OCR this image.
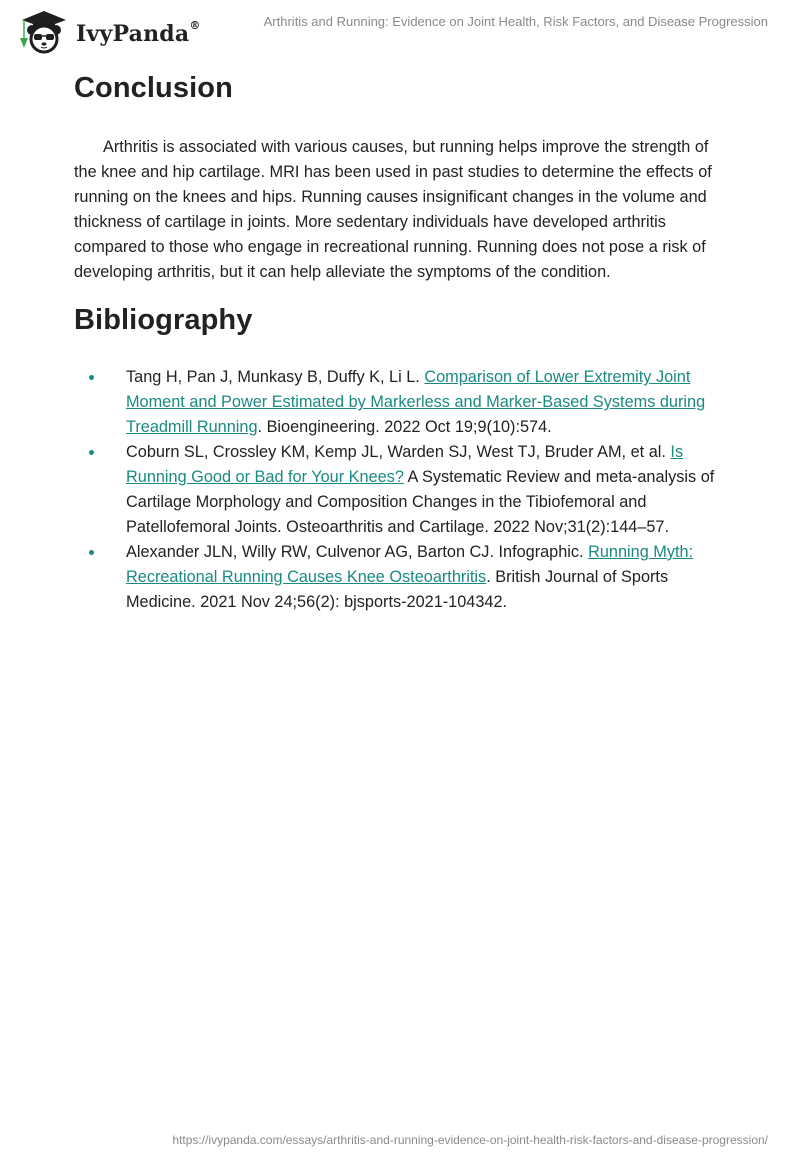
IvyPanda®	Arthritis and Running: Evidence on Joint Health, Risk Factors, and Disease Progression
Conclusion

Arthritis is associated with various causes, but running helps improve the strength of the knee and hip cartilage. MRI has been used in past studies to determine the effects of running on the knees and hips. Running causes insignificant changes in the volume and thickness of cartilage in joints. More sedentary individuals have developed arthritis compared to those who engage in recreational running. Running does not pose a risk of developing arthritis, but it can help alleviate the symptoms of the condition.

Bibliography
Tang H, Pan J, Munkasy B, Duffy K, Li L. Comparison of Lower Extremity Joint Moment and Power Estimated by Markerless and Marker-Based Systems during Treadmill Running. Bioengineering. 2022 Oct 19;9(10):574.
Coburn SL, Crossley KM, Kemp JL, Warden SJ, West TJ, Bruder AM, et al. Is Running Good or Bad for Your Knees? A Systematic Review and meta-analysis of Cartilage Morphology and Composition Changes in the Tibiofemoral and Patellofemoral Joints. Osteoarthritis and Cartilage. 2022 Nov;31(2):144–57.
Alexander JLN, Willy RW, Culvenor AG, Barton CJ. Infographic. Running Myth: Recreational Running Causes Knee Osteoarthritis. British Journal of Sports Medicine. 2021 Nov 24;56(2): bjsports-2021-104342.
https://ivypanda.com/essays/arthritis-and-running-evidence-on-joint-health-risk-factors-and-disease-progression/
